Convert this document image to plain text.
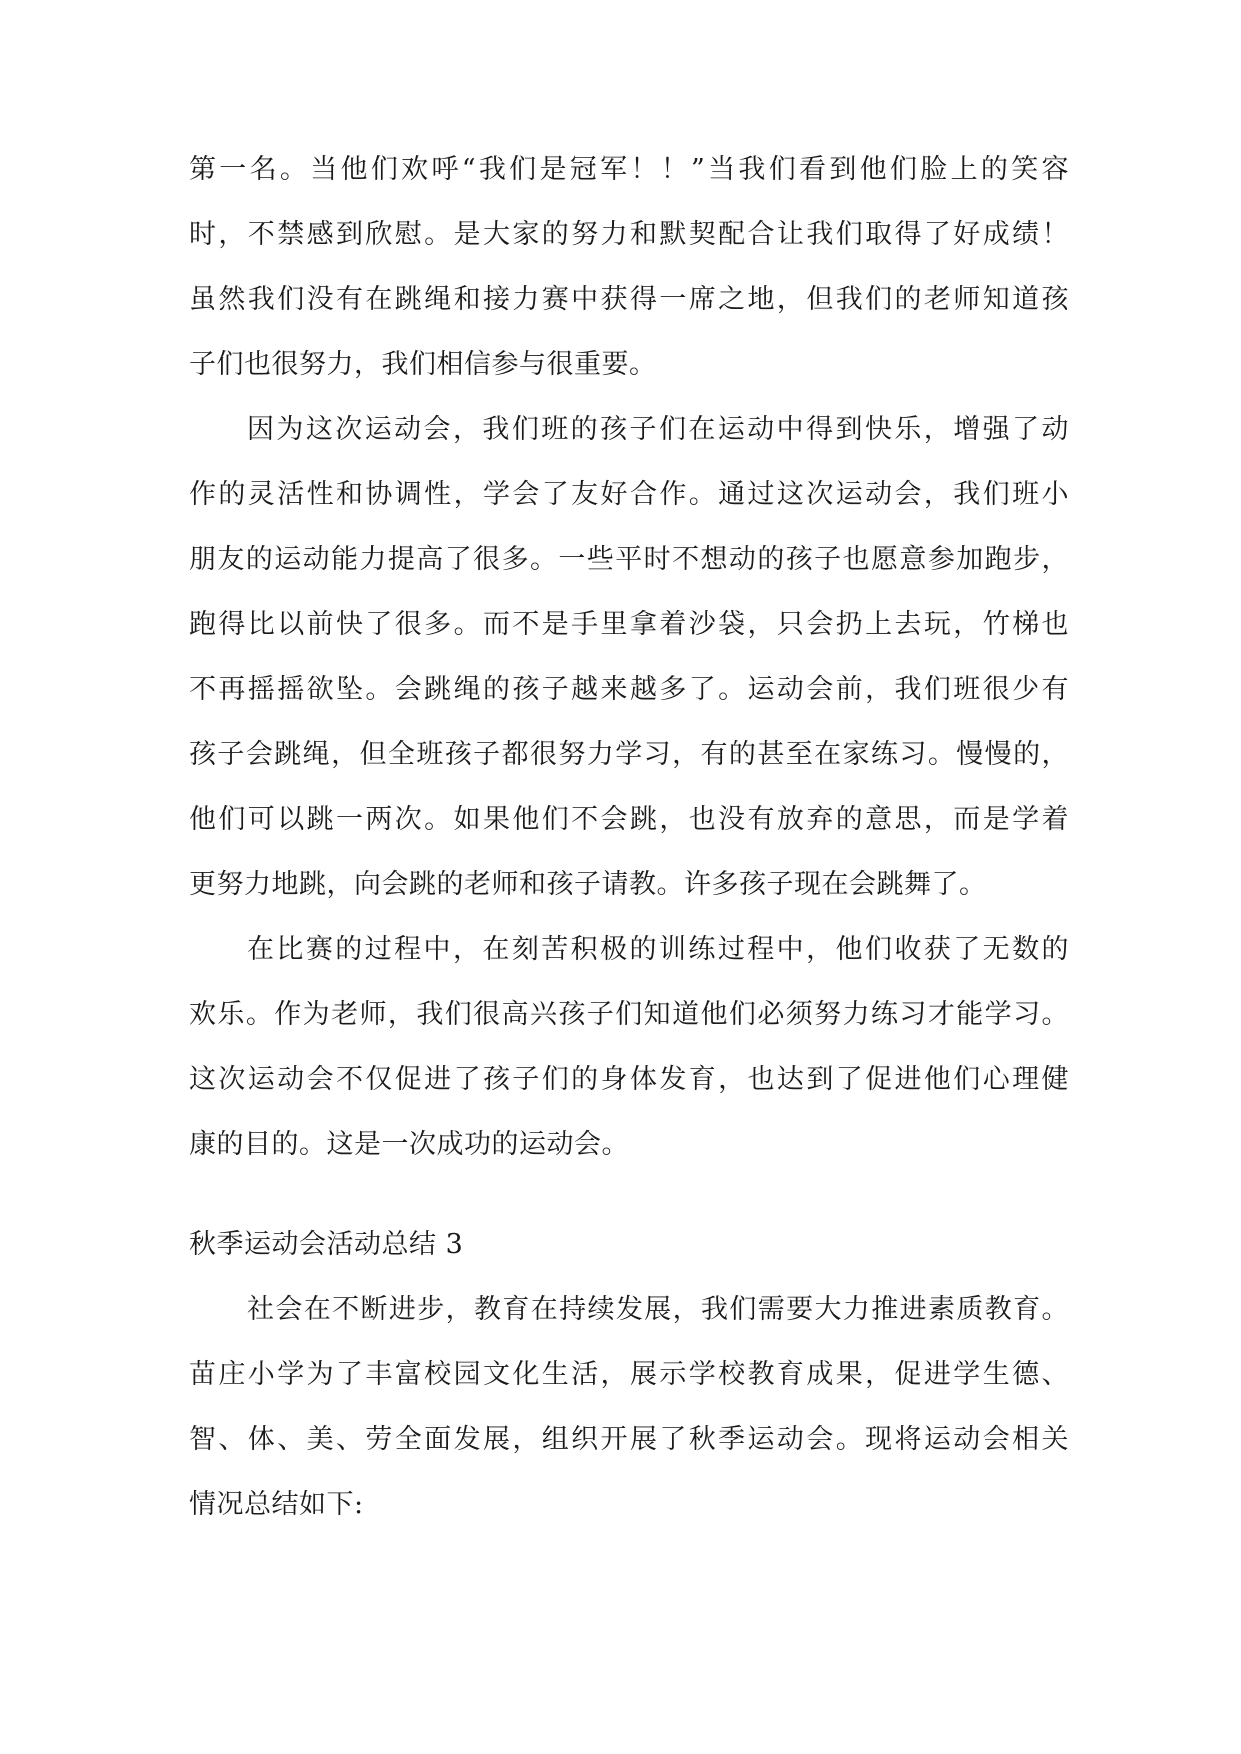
第一名。当他们欢呼“我们是冠军！！”当我们看到他们脸上的笑容
时，不禁感到欣慰。是大家的努力和默契配合让我们取得了好成绩！
虽然我们没有在跳绳和接力赛中获得一席之地，但我们的老师知道孩
子们也很努力，我们相信参与很重要。
因为这次运动会，我们班的孩子们在运动中得到快乐，增强了动
作的灵活性和协调性，学会了友好合作。通过这次运动会，我们班小
朋友的运动能力提高了很多。一些平时不想动的孩子也愿意参加跑步，
跑得比以前快了很多。而不是手里拿着沙袋，只会扔上去玩，竹梯也
不再摇摇欲坠。会跳绳的孩子越来越多了。运动会前，我们班很少有
孩子会跳绳，但全班孩子都很努力学习，有的甚至在家练习。慢慢的，
他们可以跳一两次。如果他们不会跳，也没有放弃的意思，而是学着
更努力地跳，向会跳的老师和孩子请教。许多孩子现在会跳舞了。
在比赛的过程中，在刻苦积极的训练过程中，他们收获了无数的
欢乐。作为老师，我们很高兴孩子们知道他们必须努力练习才能学习。
这次运动会不仅促进了孩子们的身体发育，也达到了促进他们心理健
康的目的。这是一次成功的运动会。
秋季运动会活动总结 3
社会在不断进步，教育在持续发展，我们需要大力推进素质教育。
苗庄小学为了丰富校园文化生活，展示学校教育成果，促进学生德、
智、体、美、劳全面发展，组织开展了秋季运动会。现将运动会相关
情况总结如下:
